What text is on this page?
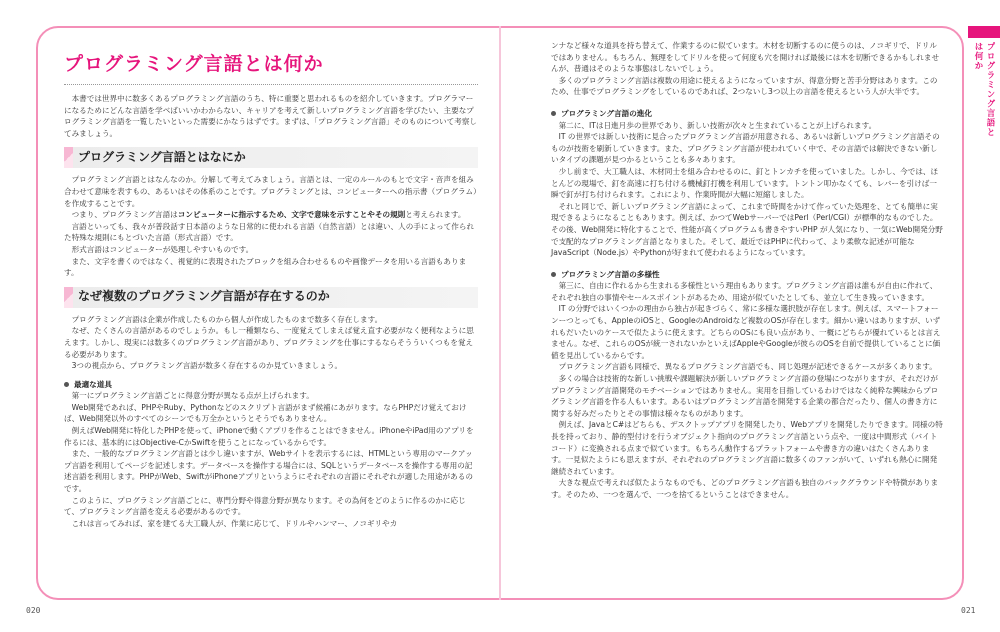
プログラミング言語とは何か
プログラミング言語とは何か

本書では世界中に数多くあるプログラミング言語のうち、特に重要と思われるものを紹介していきます。プログラマーになるためにどんな言語を学べばいいかわからない、キャリアを考えて新しいプログラミング言語を学びたい、主要なプログラミング言語を一覧したいといった需要にかなうはずです。まずは、「プログラミング言語」そのものについて考察してみましょう。

プログラミング言語とはなにか

プログラミング言語とはなんなのか。分解して考えてみましょう。言語とは、一定のルールのもとで文字・音声を組み合わせて意味を表すもの、あるいはその体系のことです。プログラミングとは、コンピューターへの指示書（プログラム）を作成することです。

つまり、プログラミング言語はコンピューターに指示するため、文字で意味を示すことやその規則と考えられます。

言語といっても、我々が普段話す日本語のような日常的に使われる言語（自然言語）とは違い、人の手によって作られた特殊な規則にもとづいた言語（形式言語）です。

形式言語はコンピューターが処理しやすいものです。

また、文字を書くのではなく、視覚的に表現されたブロックを組み合わせるものや画像データを用いる言語もあります。

なぜ複数のプログラミング言語が存在するのか

プログラミング言語は企業が作成したものから個人が作成したものまで数多く存在します。

なぜ、たくさんの言語があるのでしょうか。もし一種類なら、一度覚えてしまえば覚え直す必要がなく便利なように思えます。しかし、現実には数多くのプログラミング言語があり、プログラミングを仕事にするならそうういくつもを覚える必要があります。

3つの視点から、プログラミング言語が数多く存在するのか見ていきましょう。

最適な道具

第一にプログラミング言語ごとに得意分野が異なる点が上げられます。

Web開発であれば、PHPやRuby、Pythonなどのスクリプト言語がまず候補にあがります。ならPHPだけ覚えておけば、Web開発以外のすべてのシーンでも万全かというとそうでもありません。

例えばWeb開発に特化したPHPを使って、iPhoneで動くアプリを作ることはできません。iPhoneやiPad用のアプリを作るには、基本的にはObjective-CかSwiftを使うことになっているからです。

また、一般的なプログラミング言語とは少し違いますが、Webサイトを表示するには、HTMLという専用のマークアップ言語を利用してページを記述します。データベースを操作する場合には、SQLというデータベースを操作する専用の記述言語を利用します。PHPがWeb、SwiftがiPhoneアプリというようにそれぞれの言語にそれぞれが適した用途があるのです。

このように、プログラミング言語ごとに、専門分野や得意分野が異なります。その為何をどのように作るのかに応じて、プログラミング言語を変える必要があるのです。

これは言ってみれば、家を建てる大工職人が、作業に応じて、ドリルやハンマー、ノコギリやカ

ンナなど様々な道具を持ち替えて、作業するのに似ています。木材を切断するのに使うのは、ノコギリで、ドリルではありません。もちろん、無理をしてドリルを使って何度も穴を開ければ最後には木を切断できるかもしれませんが、普通はそのような事態はしないでしょう。

多くのプログラミング言語は複数の用途に使えるようになっていますが、得意分野と苦手分野はあります。このため、仕事でプログラミングをしているのであれば、2つないし3つ以上の言語を使えるという人が大半です。

プログラミング言語の進化

第二に、ITは日進月歩の世界であり、新しい技術が次々と生まれていることが上げられます。

IT の世界では新しい技術に見合ったプログラミング言語が用意される、あるいは新しいプログラミング言語そのものが技術を刷新していきます。また、プログラミング言語が使われていく中で、その言語では解決できない新しいタイプの課題が見つかるということも多々あります。

少し前まで、大工職人は、木材同士を組み合わせるのに、釘とトンカチを使っていました。しかし、今では、ほとんどの現場で、釘を高速に打ち付ける機械釘打機を利用しています。トントン叩かなくても、レバーを引けば一瞬で釘が打ち付けられます。これにより、作業時間が大幅に短縮しました。

それと同じで、新しいプログラミング言語によって、これまで時間をかけて作っていた処理を、とても簡単に実現できるようになることもあります。例えば、かつてWebサーバーではPerl（Perl/CGI）が標準的なものでした。その後、Web開発に特化することで、性能が高くプログラムも書きやすいPHP が人気になり、一気にWeb開発分野で支配的なプログラミング言語となりました。そして、最近ではPHPに代わって、より柔軟な記述が可能なJavaScript（Node.js）やPythonが好まれて使われるようになっています。

プログラミング言語の多様性

第三に、自由に作れるから生まれる多様性という理由もあります。プログラミング言語は誰もが自由に作れて、それぞれ独自の事情やセールスポイントがあるため、用途が似ていたとしても、並立して生き残っていきます。

IT の分野ではいくつかの理由から独占が起きづらく、常に多様な選択肢が存在します。例えば、スマートフォーンーつとっても、AppleのiOSと、GoogleのAndroidなど複数のOSが存在します。細かい違いはありますが、いずれもだいたいのケースで似たように使えます。どちらのOSにも良い点があり、一概にどちらが優れているとは言えません。なぜ、これらのOSが統一されないかといえばAppleやGoogleが彼らのOSを自前で提供していることに価値を見出しているからです。

プログラミング言語も同様で、異なるプログラミング言語でも、同じ処理が記述できるケースが多くあります。

多くの場合は技術的な新しい挑戦や課題解決が新しいプログラミング言語の登場につながりますが、それだけがプログラミング言語開発のモチベーションではありません。実用を目指しているわけではなく純粋な興味からプログラミング言語を作る人もいます。あるいはプログラミング言語を開発する企業の都合だったり、個人の書き方に関する好みだったりとその事情は様々なものがあります。

例えば、JavaとC#はどちらも、デスクトップアプリを開発したり、Webアプリを開発したりできます。同様の特長を持っており、静的型付けを行うオブジェクト指向のプログラミング言語という点や、一度は中間形式（バイトコード）に変換される点まで似ています。もちろん動作するプラットフォームや書き方の違いはたくさんあります。一見似たようにも思えますが、それぞれのプログラミング言語に数多くのファンがいて、いずれも熱心に開発継続されています。

大きな視点で考えれば似たようなものでも、どのプログラミング言語も独自のバックグラウンドや特徴があります。そのため、一つを選んで、一つを捨てるということはできません。

020	021
